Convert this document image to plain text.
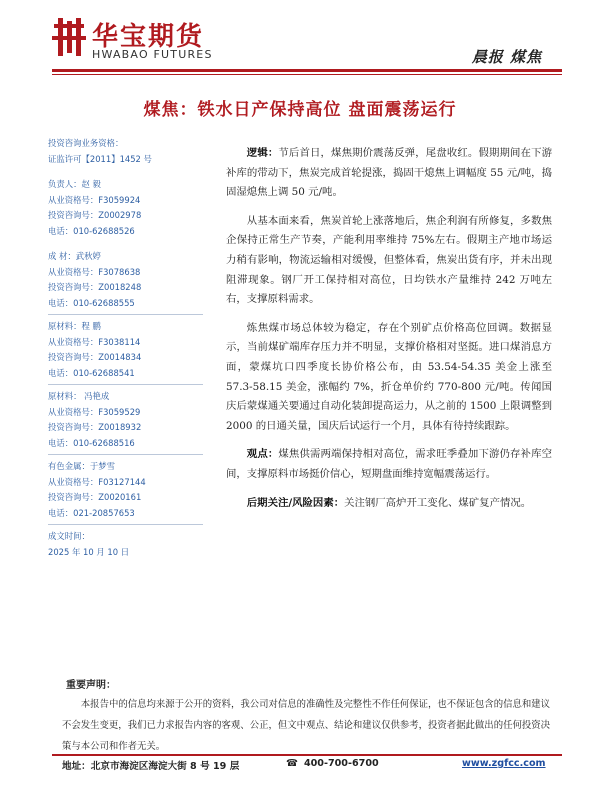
华宝期货
HWABAO FUTURES	晨报 煤焦
煤焦：铁水日产保持高位 盘面震荡运行
投资咨询业务资格：
证监许可【2011】1452 号
负责人：赵 毅
从业资格号：F3059924
投资咨询号：Z0002978
电话：010-62688526
成 材：武秋婷
从业资格号：F3078638
投资咨询号：Z0018248
电话：010-62688555
原材料：程 鹏
从业资格号：F3038114
投资咨询号：Z0014834
电话：010-62688541
原材料： 冯艳成
从业资格号：F3059529
投资咨询号：Z0018932
电话：010-62688516
有色金属：于梦雪
从业资格号：F03127144
投资咨询号：Z0020161
电话：021-20857653
成文时间：
2025 年 10 月 10 日

逻辑：节后首日，煤焦期价震荡反弹，尾盘收红。假期期间在下游补库的带动下，焦炭完成首轮提涨，捣固干熄焦上调幅度 55 元/吨，捣固湿熄焦上调 50 元/吨。

从基本面来看，焦炭首轮上涨落地后，焦企利润有所修复，多数焦企保持正常生产节奏，产能利用率维持 75%左右。假期主产地市场运力稍有影响，物流运输相对缓慢，但整体看，焦炭出货有序，并未出现阻滞现象。钢厂开工保持相对高位，日均铁水产量维持 242 万吨左右，支撑原料需求。

炼焦煤市场总体较为稳定，存在个别矿点价格高位回调。数据显示，当前煤矿端库存压力并不明显，支撑价格相对坚挺。进口煤消息方面，蒙煤坑口四季度长协价格公布，由 53.54-54.35 美金上涨至 57.3-58.15 美金，涨幅约 7%，折仓单价约 770-800 元/吨。传闻国庆后蒙煤通关要通过自动化装卸提高运力，从之前的 1500 上限调整到 2000 的日通关量，国庆后试运行一个月，具体有待持续跟踪。

观点：煤焦供需两端保持相对高位，需求旺季叠加下游仍存补库空间，支撑原料市场挺价信心，短期盘面维持宽幅震荡运行。

后期关注/风险因素：关注钢厂高炉开工变化、煤矿复产情况。

重要声明：
本报告中的信息均来源于公开的资料，我公司对信息的准确性及完整性不作任何保证，也不保证包含的信息和建议不会发生变更，我们已力求报告内容的客观、公正，但文中观点、结论和建议仅供参考，投资者据此做出的任何投资决策与本公司和作者无关。
地址：北京市海淀区海淀大街 8 号 19 层	☎ 400-700-6700	www.zgfcc.com
